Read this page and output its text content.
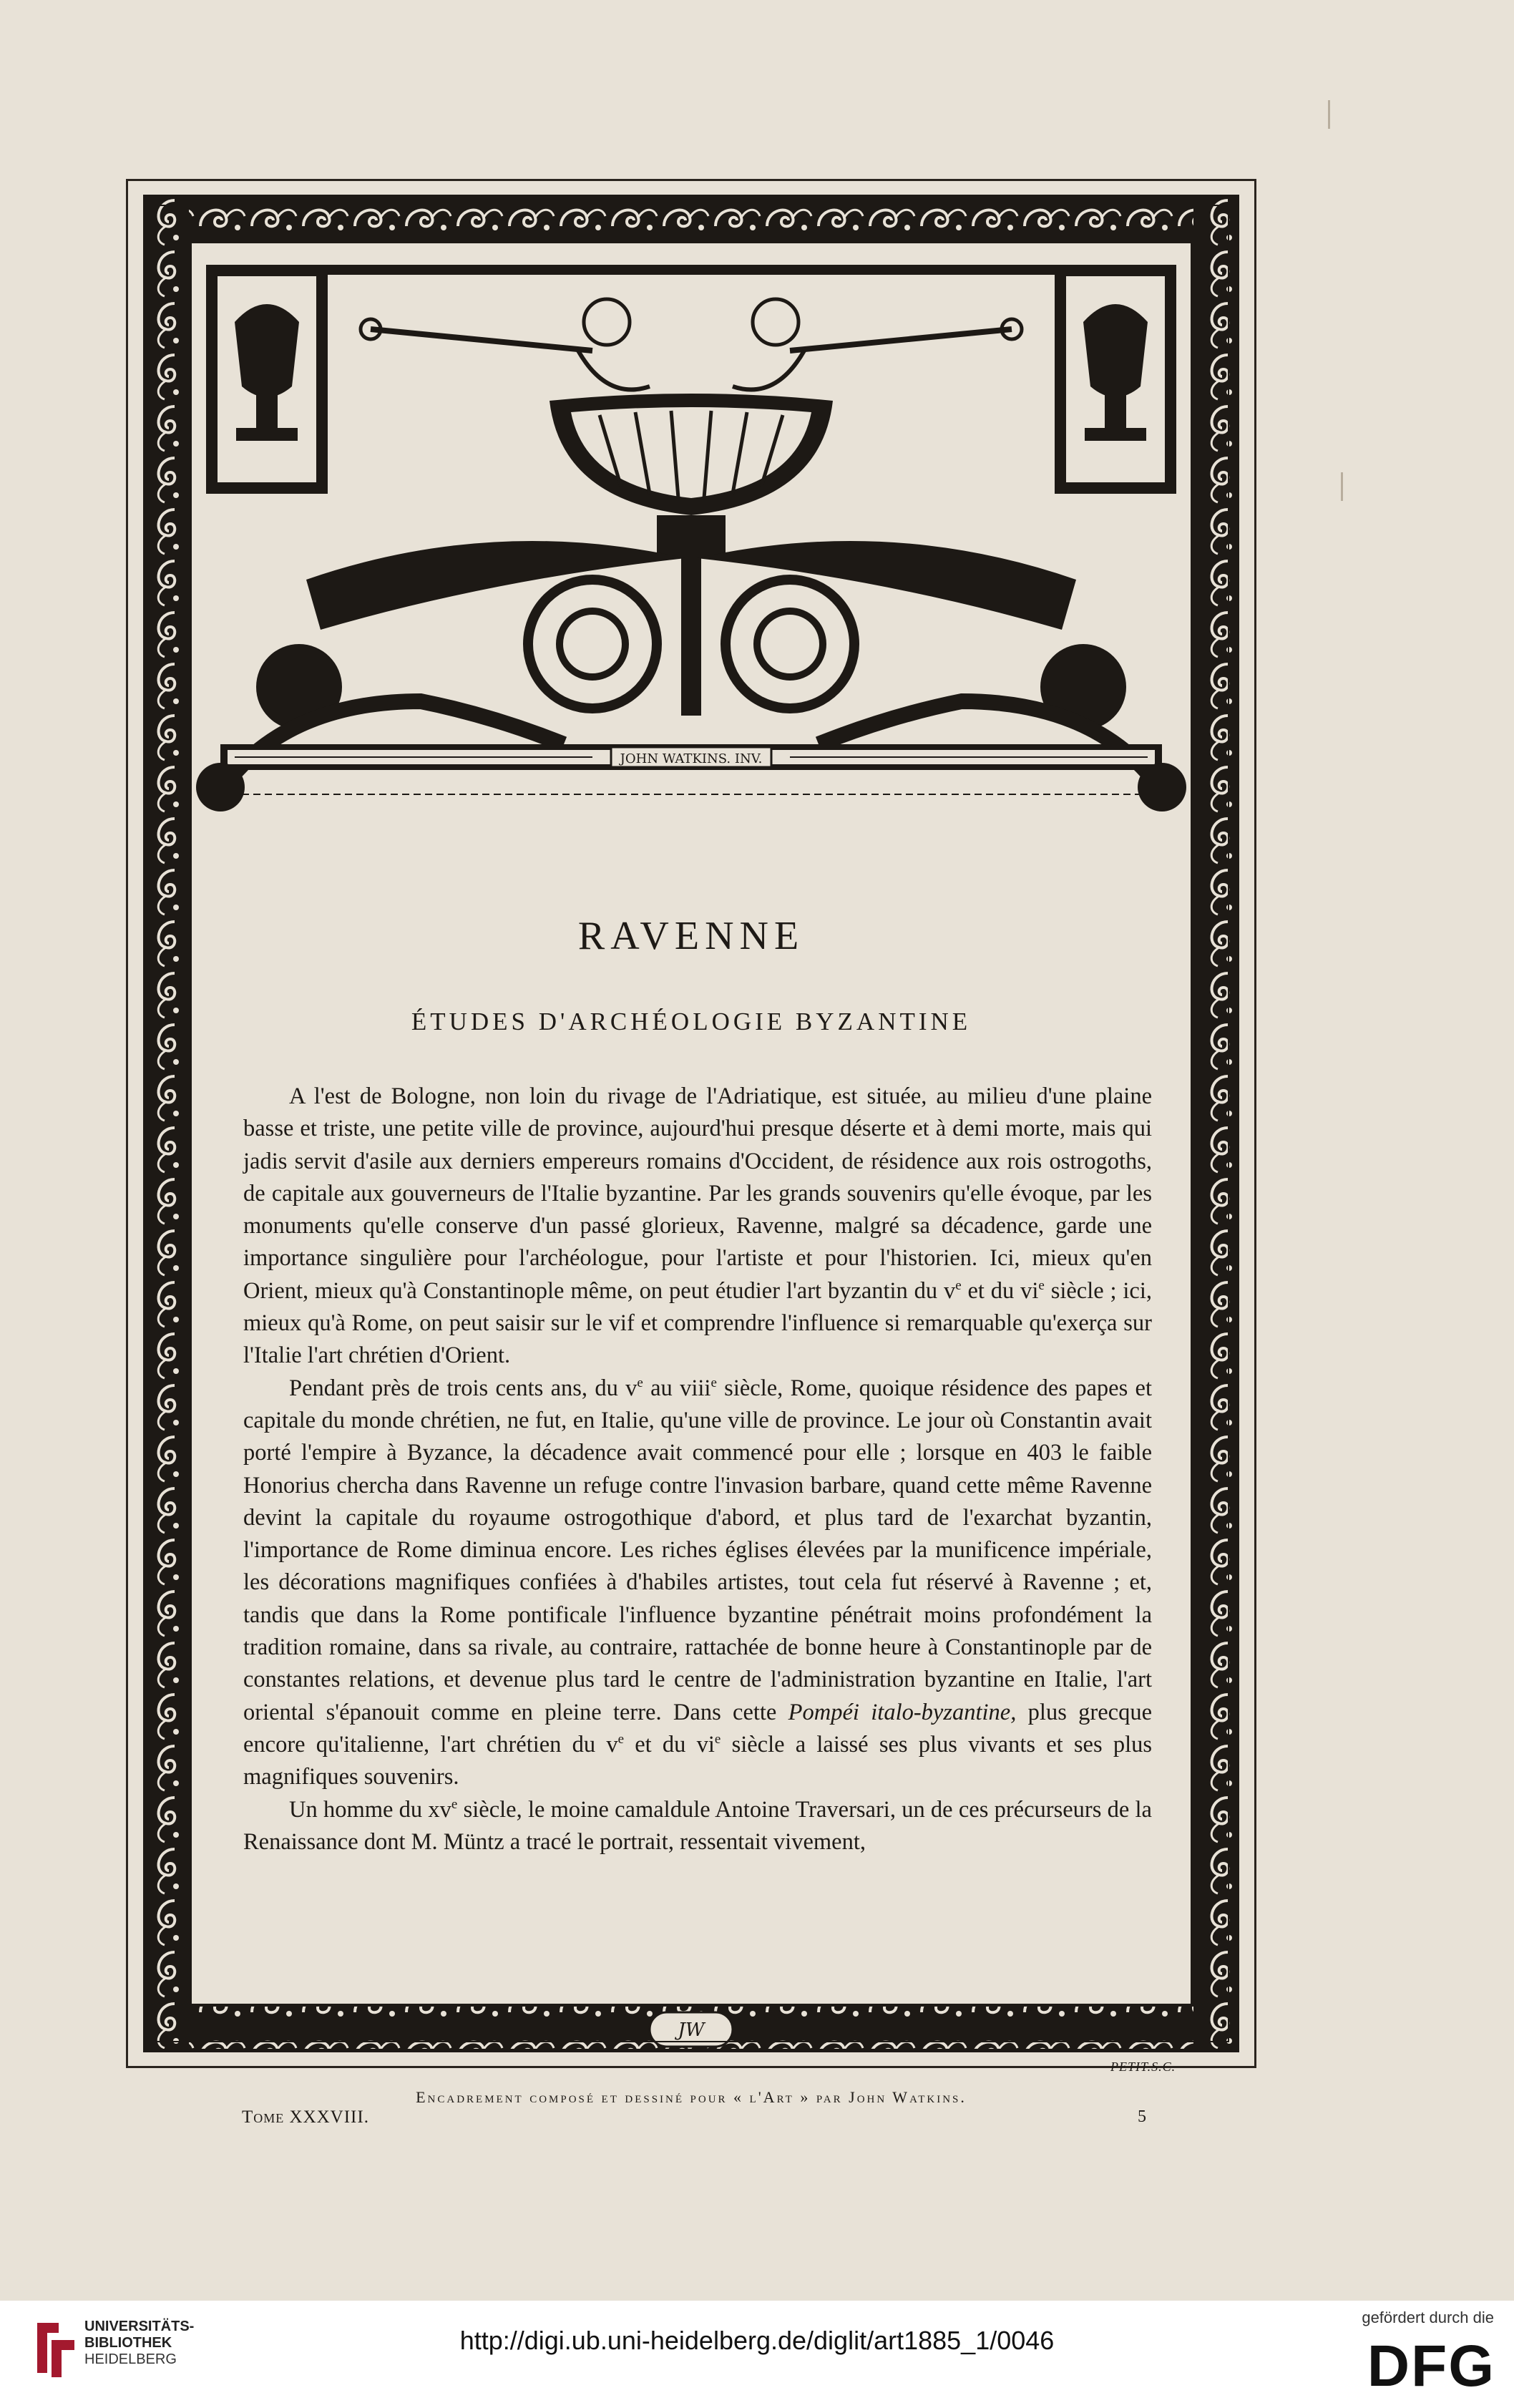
JW
JOHN WATKINS. INV.
PETIT.S.C.
RAVENNE
ÉTUDES D'ARCHÉOLOGIE BYZANTINE

A l'est de Bologne, non loin du rivage de l'Adriatique, est située, au milieu d'une plaine basse et triste, une petite ville de province, aujourd'hui presque déserte et à demi morte, mais qui jadis servit d'asile aux derniers empereurs romains d'Occident, de résidence aux rois ostrogoths, de capitale aux gouverneurs de l'Italie byzantine. Par les grands souvenirs qu'elle évoque, par les monuments qu'elle conserve d'un passé glorieux, Ravenne, malgré sa décadence, garde une importance singulière pour l'archéologue, pour l'artiste et pour l'historien. Ici, mieux qu'en Orient, mieux qu'à Constantinople même, on peut étudier l'art byzantin du $v^e$ et du $vi^e$ siècle ; ici, mieux qu'à Rome, on peut saisir sur le vif et comprendre l'influence si remarquable qu'exerça sur l'Italie l'art chrétien d'Orient.

Pendant près de trois cents ans, du $v^e$ au viii$^e$ siècle, Rome, quoique résidence des papes et capitale du monde chrétien, ne fut, en Italie, qu'une ville de province. Le jour où Constantin avait porté l'empire à Byzance, la décadence avait commencé pour elle ; lorsque en 403 le faible Honorius chercha dans Ravenne un refuge contre l'invasion barbare, quand cette même Ravenne devint la capitale du royaume ostrogothique d'abord, et plus tard de l'exarchat byzantin, l'importance de Rome diminua encore. Les riches églises élevées par la munificence impériale, les décorations magnifiques confiées à d'habiles artistes, tout cela fut réservé à Ravenne ; et, tandis que dans la Rome pontificale l'influence byzantine pénétrait moins profondément la tradition romaine, dans sa rivale, au contraire, rattachée de bonne heure à Constantinople par de constantes relations, et devenue plus tard le centre de l'administration byzantine en Italie, l'art oriental s'épanouit comme en pleine terre. Dans cette Pompéi italo-byzantine, plus grecque encore qu'italienne, l'art chrétien du $v^e$ et du $vi^e$ siècle a laissé ses plus vivants et ses plus magnifiques souvenirs.

Un homme du $xv^e$ siècle, le moine camaldule Antoine Traversari, un de ces précurseurs de la Renaissance dont M. Müntz a tracé le portrait, ressentait vivement,

Encadrement composé et dessiné pour « l'Art » par John Watkins.
Tome XXXVIII.	5
UNIVERSITÄTS-
BIBLIOTHEK
HEIDELBERG
http://digi.ub.uni-heidelberg.de/diglit/art1885_1/0046
gefördert durch die
DFG
